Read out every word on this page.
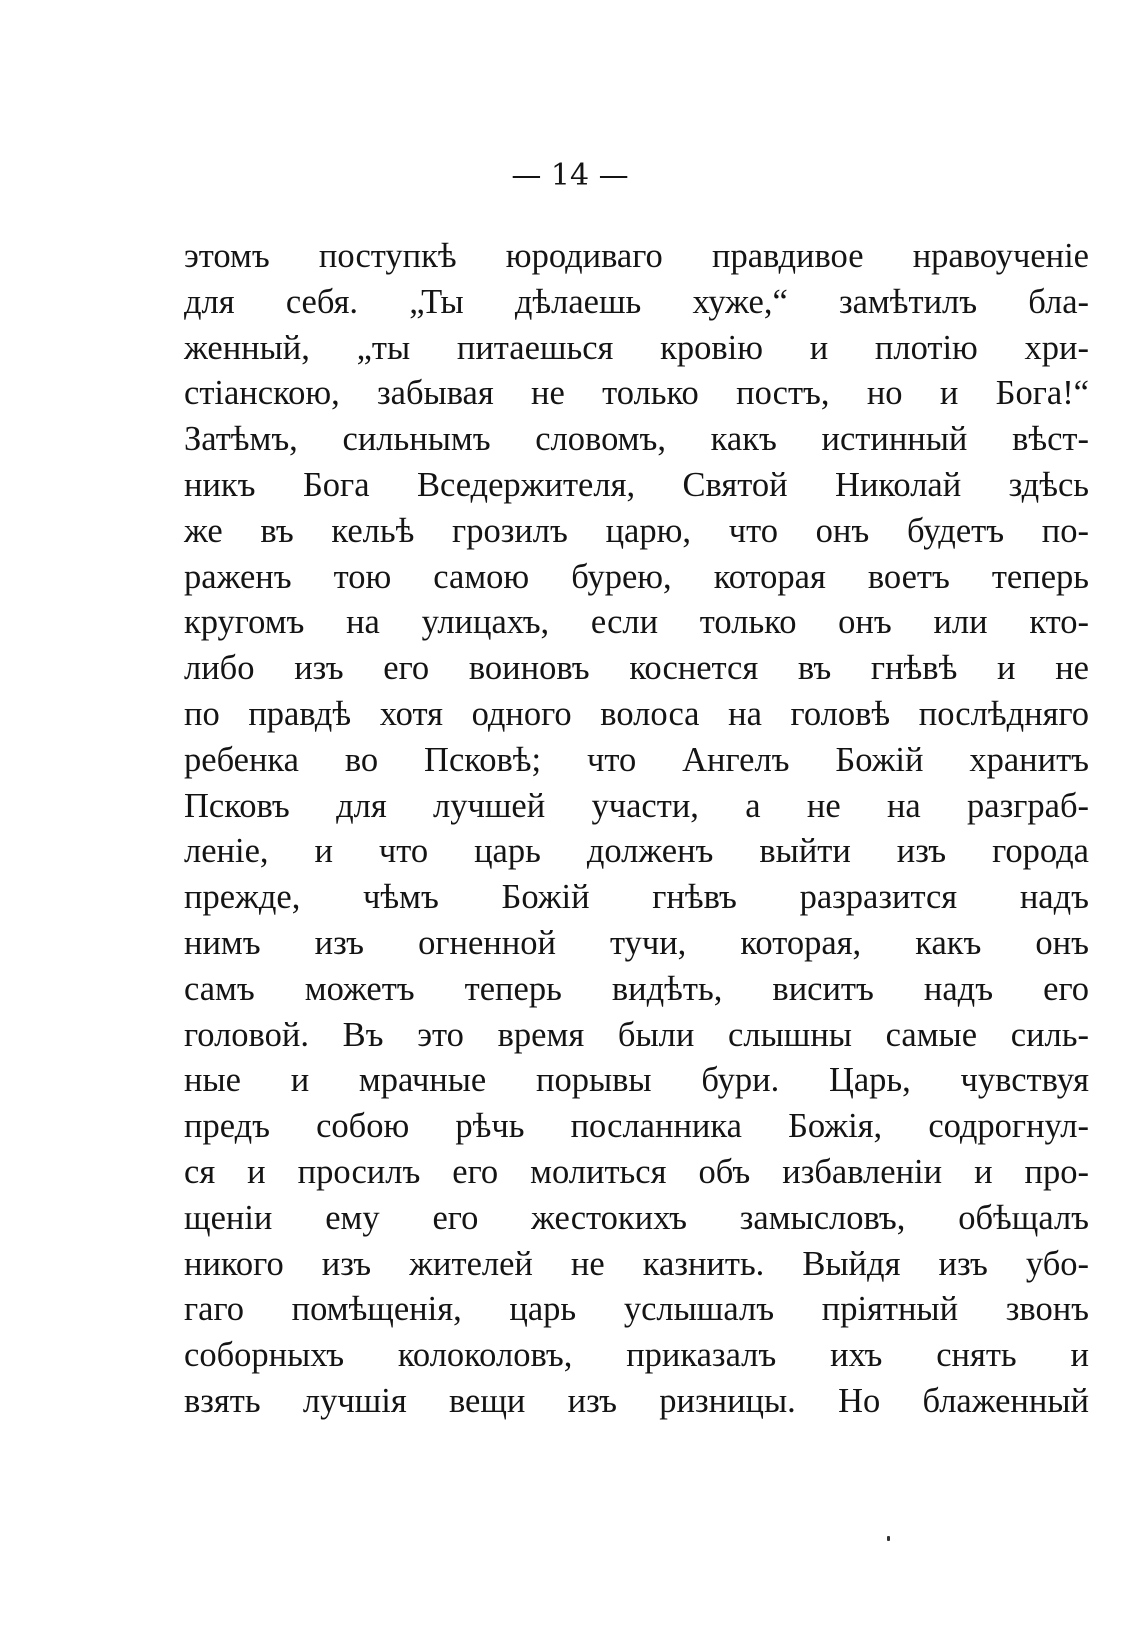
— 14 —
этомъ поступкѣ юродиваго правдивое нравоученіе
для себя. „Ты дѣлаешь хуже,“ замѣтилъ бла-
женный, „ты питаешься кровію и плотію хри-
стіанскою, забывая не только постъ, но и Бога!“
Затѣмъ, сильнымъ словомъ, какъ истинный вѣст-
никъ Бога Вседержителя, Святой Николай здѣсь
же въ кельѣ грозилъ царю, что онъ будетъ по-
раженъ тою самою бурею, которая воетъ теперь
кругомъ на улицахъ, если только онъ или кто-
либо изъ его воиновъ коснется въ гнѣвѣ и не
по правдѣ хотя одного волоса на головѣ послѣдняго
ребенка во Псковѣ; что Ангелъ Божій хранитъ
Псковъ для лучшей участи, а не на разграб-
леніе, и что царь долженъ выйти изъ города
прежде, чѣмъ Божій гнѣвъ разразится надъ
нимъ изъ огненной тучи, которая, какъ онъ
самъ можетъ теперь видѣть, виситъ надъ его
головой. Въ это время были слышны самые силь-
ные и мрачные порывы бури. Царь, чувствуя
предъ собою рѣчь посланника Божія, содрогнул-
ся и просилъ его молиться объ избавленіи и про-
щеніи ему его жестокихъ замысловъ, обѣщалъ
никого изъ жителей не казнить. Выйдя изъ убо-
гаго помѣщенія, царь услышалъ пріятный звонъ
соборныхъ колоколовъ, приказалъ ихъ снять и
взять лучшія вещи изъ ризницы. Но блаженный
